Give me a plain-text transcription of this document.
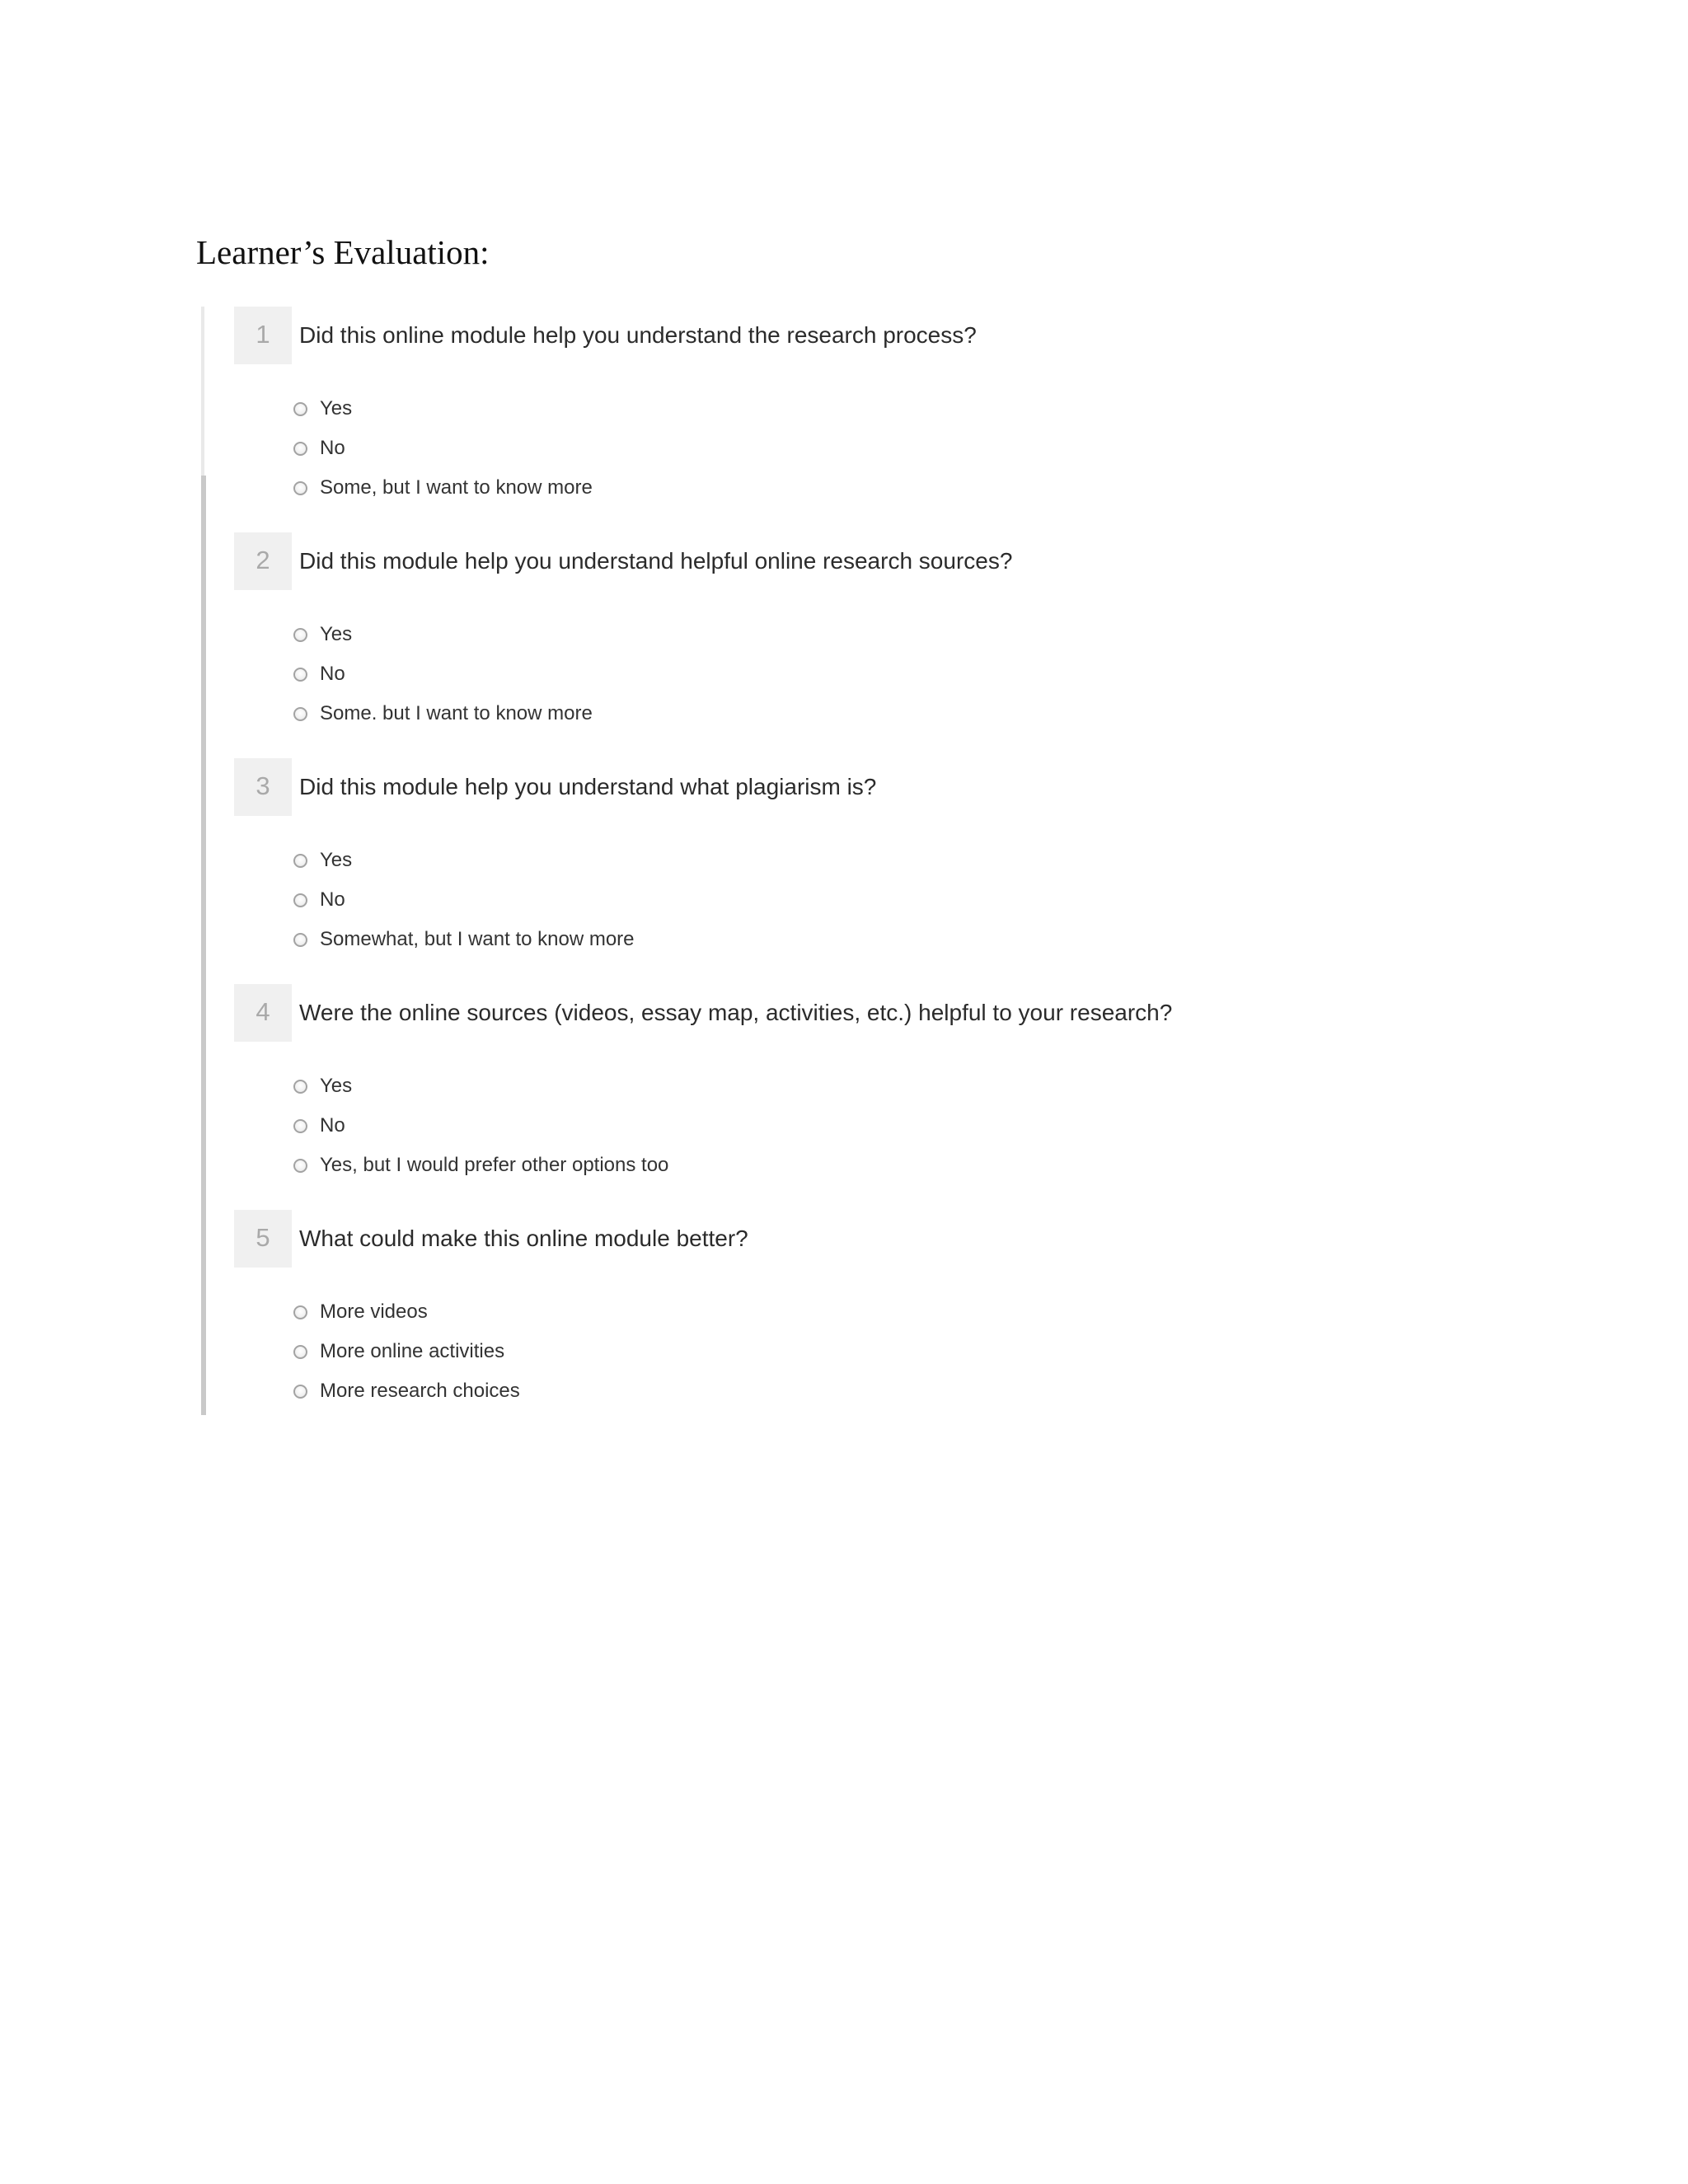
Learner’s Evaluation:
1	Did this online module help you understand the research process?

Yes
No
Some, but I want to know more
2	Did this module help you understand helpful online research sources?

Yes
No
Some. but I want to know more
3	Did this module help you understand what plagiarism is?

Yes
No
Somewhat, but I want to know more
4	Were the online sources (videos, essay map, activities, etc.) helpful to your research?

Yes
No
Yes, but I would prefer other options too
5	What could make this online module better?

More videos
More online activities
More research choices
